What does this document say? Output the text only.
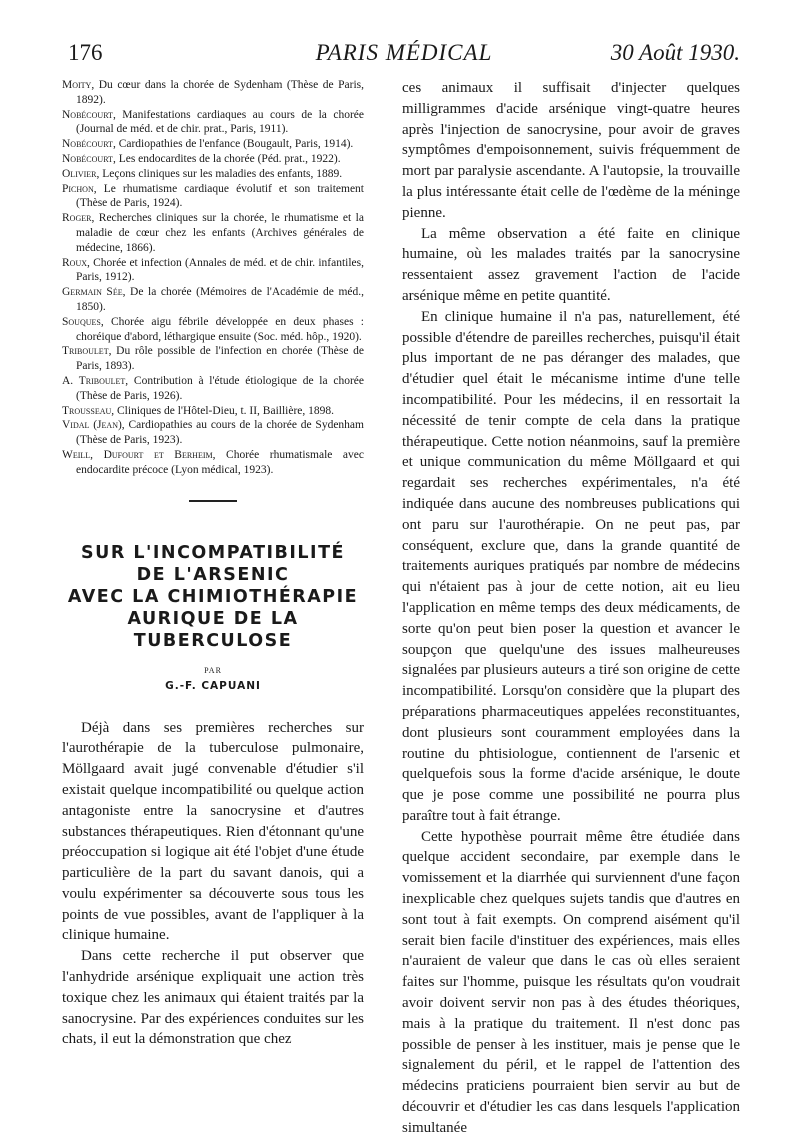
176	PARIS MÉDICAL	30 Août 1930.

Moity, Du cœur dans la chorée de Sydenham (Thèse de Paris, 1892).

Nobécourt, Manifestations cardiaques au cours de la chorée (Journal de méd. et de chir. prat., Paris, 1911).

Nobécourt, Cardiopathies de l'enfance (Bougault, Paris, 1914).

Nobécourt, Les endocardites de la chorée (Péd. prat., 1922).

Olivier, Leçons cliniques sur les maladies des enfants, 1889.

Pichon, Le rhumatisme cardiaque évolutif et son traitement (Thèse de Paris, 1924).

Roger, Recherches cliniques sur la chorée, le rhumatisme et la maladie de cœur chez les enfants (Archives générales de médecine, 1866).

Roux, Chorée et infection (Annales de méd. et de chir. infantiles, Paris, 1912).

Germain Sée, De la chorée (Mémoires de l'Académie de méd., 1850).

Souques, Chorée aigu fébrile développée en deux phases : choréique d'abord, léthargique ensuite (Soc. méd. hôp., 1920).

Triboulet, Du rôle possible de l'infection en chorée (Thèse de Paris, 1893).

A. Triboulet, Contribution à l'étude étiologique de la chorée (Thèse de Paris, 1926).

Trousseau, Cliniques de l'Hôtel-Dieu, t. II, Baillière, 1898.

Vidal (Jean), Cardiopathies au cours de la chorée de Sydenham (Thèse de Paris, 1923).

Weill, Dufourt et Berheim, Chorée rhumatismale avec endocardite précoce (Lyon médical, 1923).

SUR L'INCOMPATIBILITÉ
DE L'ARSENIC
AVEC LA CHIMIOTHÉRAPIE
AURIQUE DE LA
TUBERCULOSE
PAR
G.-F. CAPUANI

Déjà dans ses premières recherches sur l'aurothérapie de la tuberculose pulmonaire, Möllgaard avait jugé convenable d'étudier s'il existait quelque incompatibilité ou quelque action antagoniste entre la sanocrysine et d'autres substances thérapeutiques. Rien d'étonnant qu'une préoccupation si logique ait été l'objet d'une étude particulière de la part du savant danois, qui a voulu expérimenter sa découverte sous tous les points de vue possibles, avant de l'appliquer à la clinique humaine.

Dans cette recherche il put observer que l'anhydride arsénique expliquait une action très toxique chez les animaux qui étaient traités par la sanocrysine. Par des expériences conduites sur les chats, il eut la démonstration que chez

ces animaux il suffisait d'injecter quelques milligrammes d'acide arsénique vingt-quatre heures après l'injection de sanocrysine, pour avoir de graves symptômes d'empoisonnement, suivis fréquemment de mort par paralysie ascendante. A l'autopsie, la trouvaille la plus intéressante était celle de l'œdème de la méninge pienne.

La même observation a été faite en clinique humaine, où les malades traités par la sanocrysine ressentaient assez gravement l'action de l'acide arsénique même en petite quantité.

En clinique humaine il n'a pas, naturellement, été possible d'étendre de pareilles recherches, puisqu'il était plus important de ne pas déranger des malades, que d'étudier quel était le mécanisme intime d'une telle incompatibilité. Pour les médecins, il en ressortait la nécessité de tenir compte de cela dans la pratique thérapeutique. Cette notion néanmoins, sauf la première et unique communication du même Möllgaard et qui regardait ses recherches expérimentales, n'a été indiquée dans aucune des nombreuses publications qui ont paru sur l'aurothérapie. On ne peut pas, par conséquent, exclure que, dans la grande quantité de traitements auriques pratiqués par nombre de médecins qui n'étaient pas à jour de cette notion, ait eu lieu l'application en même temps des deux médicaments, de sorte qu'on peut bien poser la question et avancer le soupçon que quelqu'une des issues malheureuses signalées par plusieurs auteurs a tiré son origine de cette incompatibilité. Lorsqu'on considère que la plupart des préparations pharmaceutiques appelées reconstituantes, dont plusieurs sont couramment employées dans la routine du phtisiologue, contiennent de l'arsenic et quelquefois sous la forme d'acide arsénique, le doute que je pose comme une possibilité ne pourra plus paraître tout à fait étrange.

Cette hypothèse pourrait même être étudiée dans quelque accident secondaire, par exemple dans le vomissement et la diarrhée qui surviennent d'une façon inexplicable chez quelques sujets tandis que d'autres en sont tout à fait exempts. On comprend aisément qu'il serait bien facile d'instituer des expériences, mais elles n'auraient de valeur que dans le cas où elles seraient faites sur l'homme, puisque les résultats qu'on voudrait avoir doivent servir non pas à des études théoriques, mais à la pratique du traitement. Il n'est donc pas possible de penser à les instituer, mais je pense que le signalement du péril, et le rappel de l'attention des médecins praticiens pourraient bien servir au but de découvrir et d'étudier les cas dans lesquels l'application simultanée
